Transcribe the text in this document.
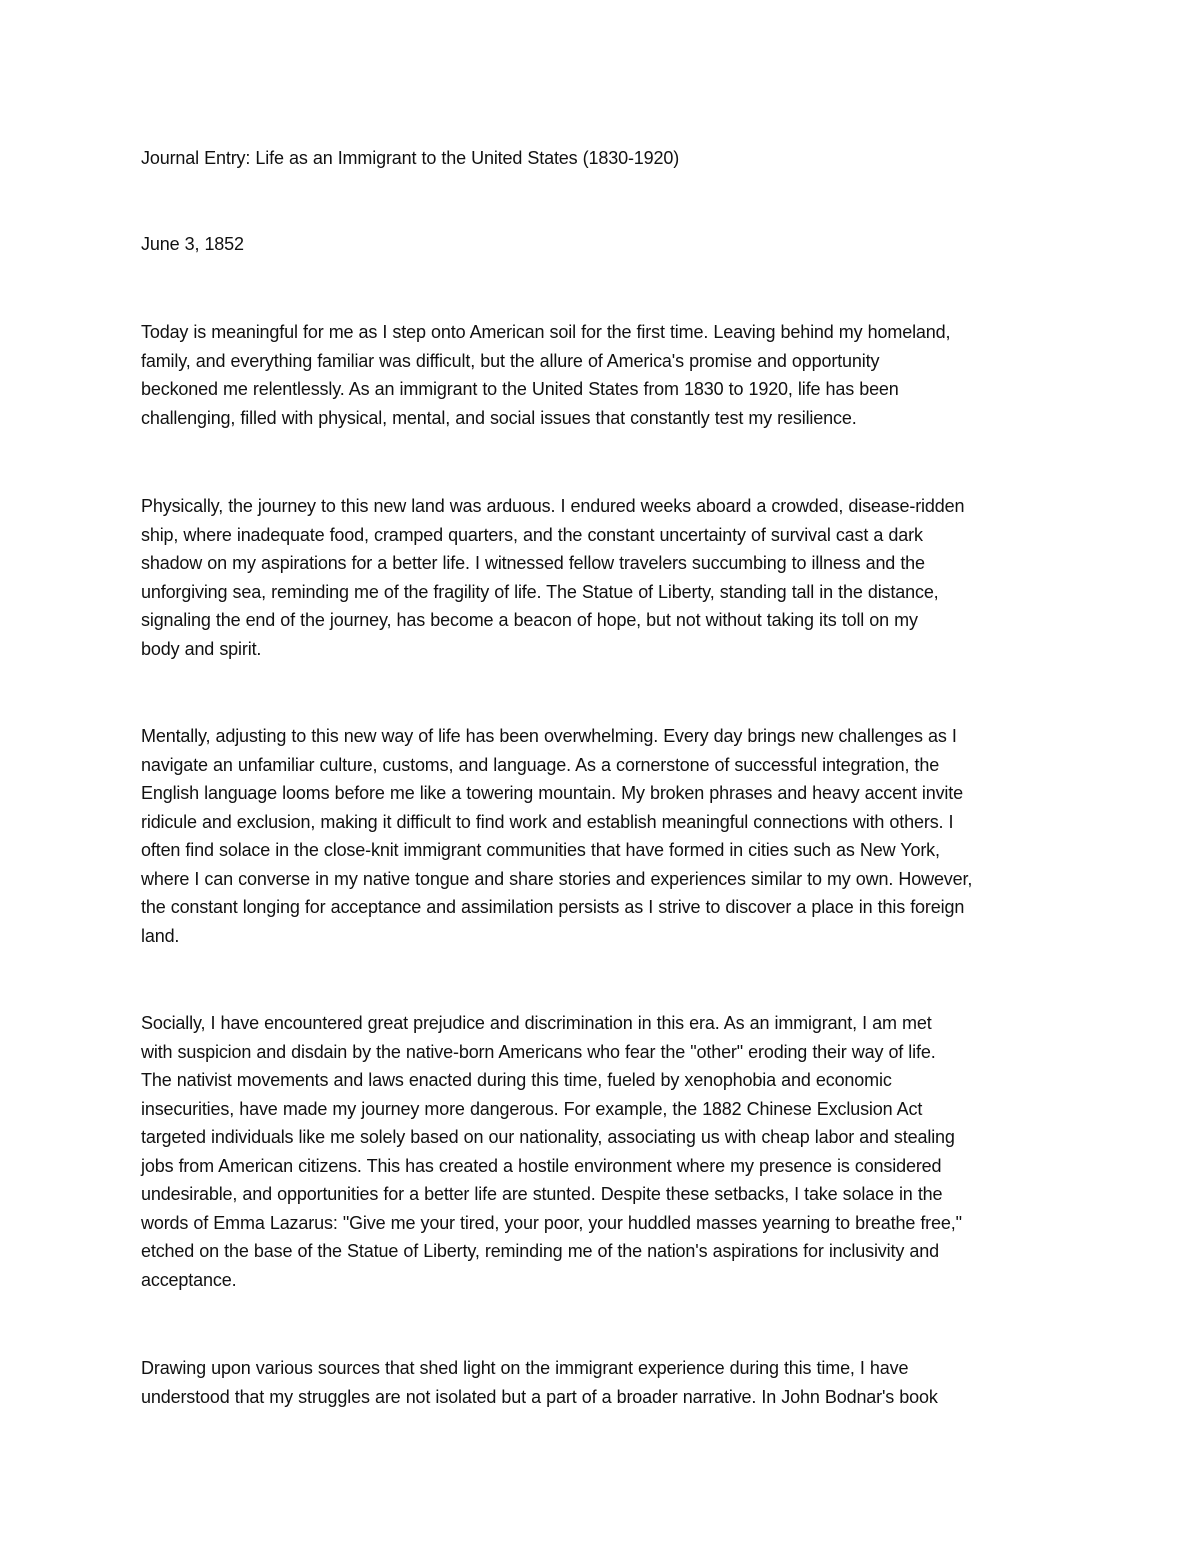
Journal Entry: Life as an Immigrant to the United States (1830-1920)
June 3, 1852
Today is meaningful for me as I step onto American soil for the first time. Leaving behind my homeland,
family, and everything familiar was difficult, but the allure of America's promise and opportunity
beckoned me relentlessly. As an immigrant to the United States from 1830 to 1920, life has been
challenging, filled with physical, mental, and social issues that constantly test my resilience.
Physically, the journey to this new land was arduous. I endured weeks aboard a crowded, disease-ridden
ship, where inadequate food, cramped quarters, and the constant uncertainty of survival cast a dark
shadow on my aspirations for a better life. I witnessed fellow travelers succumbing to illness and the
unforgiving sea, reminding me of the fragility of life. The Statue of Liberty, standing tall in the distance,
signaling the end of the journey, has become a beacon of hope, but not without taking its toll on my
body and spirit.
Mentally, adjusting to this new way of life has been overwhelming. Every day brings new challenges as I
navigate an unfamiliar culture, customs, and language. As a cornerstone of successful integration, the
English language looms before me like a towering mountain. My broken phrases and heavy accent invite
ridicule and exclusion, making it difficult to find work and establish meaningful connections with others. I
often find solace in the close-knit immigrant communities that have formed in cities such as New York,
where I can converse in my native tongue and share stories and experiences similar to my own. However,
the constant longing for acceptance and assimilation persists as I strive to discover a place in this foreign
land.
Socially, I have encountered great prejudice and discrimination in this era. As an immigrant, I am met
with suspicion and disdain by the native-born Americans who fear the "other" eroding their way of life.
The nativist movements and laws enacted during this time, fueled by xenophobia and economic
insecurities, have made my journey more dangerous. For example, the 1882 Chinese Exclusion Act
targeted individuals like me solely based on our nationality, associating us with cheap labor and stealing
jobs from American citizens. This has created a hostile environment where my presence is considered
undesirable, and opportunities for a better life are stunted. Despite these setbacks, I take solace in the
words of Emma Lazarus: "Give me your tired, your poor, your huddled masses yearning to breathe free,"
etched on the base of the Statue of Liberty, reminding me of the nation's aspirations for inclusivity and
acceptance.
Drawing upon various sources that shed light on the immigrant experience during this time, I have
understood that my struggles are not isolated but a part of a broader narrative. In John Bodnar's book
